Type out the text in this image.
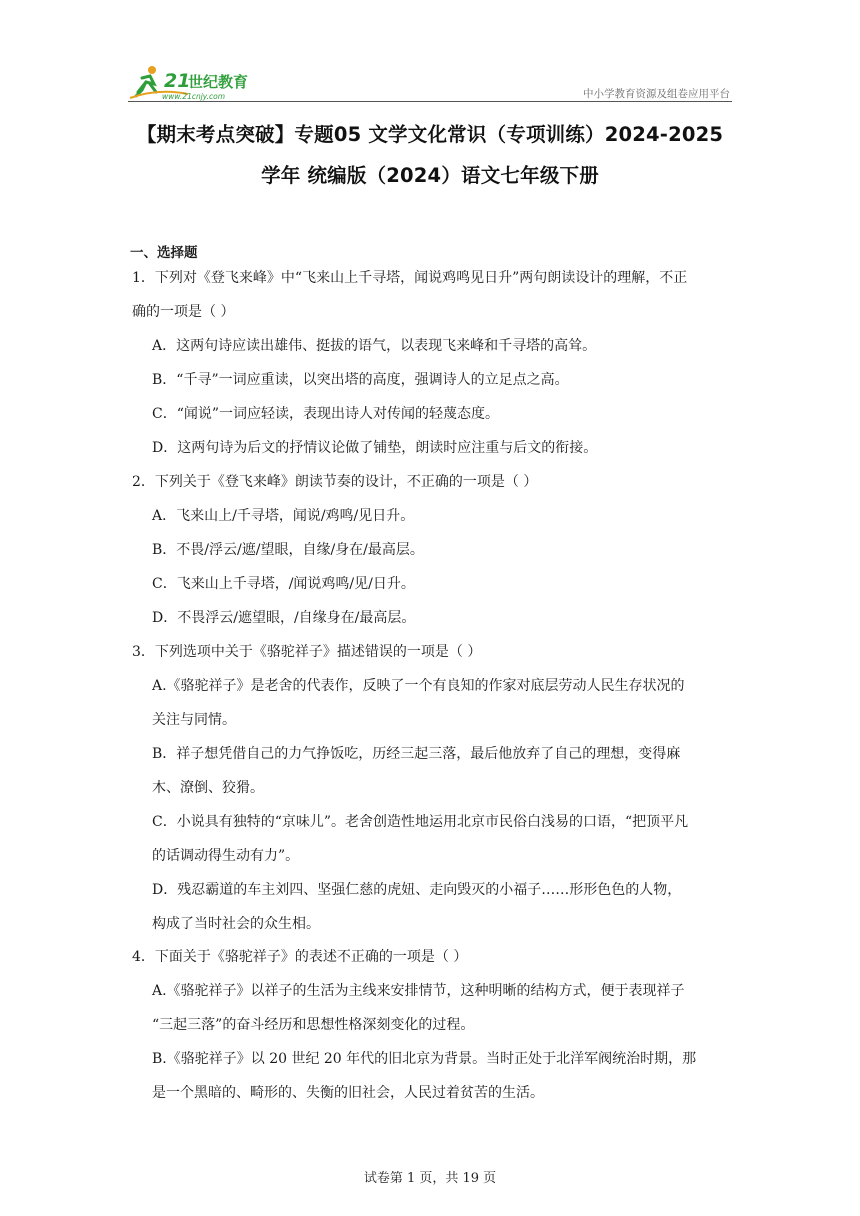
21
世纪教育
www.21cnjy.com	中小学教育资源及组卷应用平台
【期末考点突破】专题05 文学文化常识（专项训练）2024-2025
学年 统编版（2024）语文七年级下册
一、选择题
1．下列对《登飞来峰》中“飞来山上千寻塔，闻说鸡鸣见日升”两句朗读设计的理解，不正
确的一项是（ ）
A．这两句诗应读出雄伟、挺拔的语气，以表现飞来峰和千寻塔的高耸。
B．“千寻”一词应重读，以突出塔的高度，强调诗人的立足点之高。
C．“闻说”一词应轻读，表现出诗人对传闻的轻蔑态度。
D．这两句诗为后文的抒情议论做了铺垫，朗读时应注重与后文的衔接。
2．下列关于《登飞来峰》朗读节奏的设计，不正确的一项是（ ）
A．飞来山上/千寻塔，闻说/鸡鸣/见日升。
B．不畏/浮云/遮/望眼，自缘/身在/最高层。
C．飞来山上千寻塔，/闻说鸡鸣/见/日升。
D．不畏浮云/遮望眼，/自缘身在/最高层。
3．下列选项中关于《骆驼祥子》描述错误的一项是（ ）
A.《骆驼祥子》是老舍的代表作，反映了一个有良知的作家对底层劳动人民生存状况的
关注与同情。
B．祥子想凭借自己的力气挣饭吃，历经三起三落，最后他放弃了自己的理想，变得麻
木、潦倒、狡猾。
C．小说具有独特的“京味儿”。老舍创造性地运用北京市民俗白浅易的口语，“把顶平凡
的话调动得生动有力”。
D．残忍霸道的车主刘四、坚强仁慈的虎妞、走向毁灭的小福子……形形色色的人物，
构成了当时社会的众生相。
4．下面关于《骆驼祥子》的表述不正确的一项是（ ）
A.《骆驼祥子》以祥子的生活为主线来安排情节，这种明晰的结构方式，便于表现祥子
“三起三落”的奋斗经历和思想性格深刻变化的过程。
B.《骆驼祥子》以 20 世纪 20 年代的旧北京为背景。当时正处于北洋军阀统治时期，那
是一个黑暗的、畸形的、失衡的旧社会，人民过着贫苦的生活。
试卷第 1 页，共 19 页
